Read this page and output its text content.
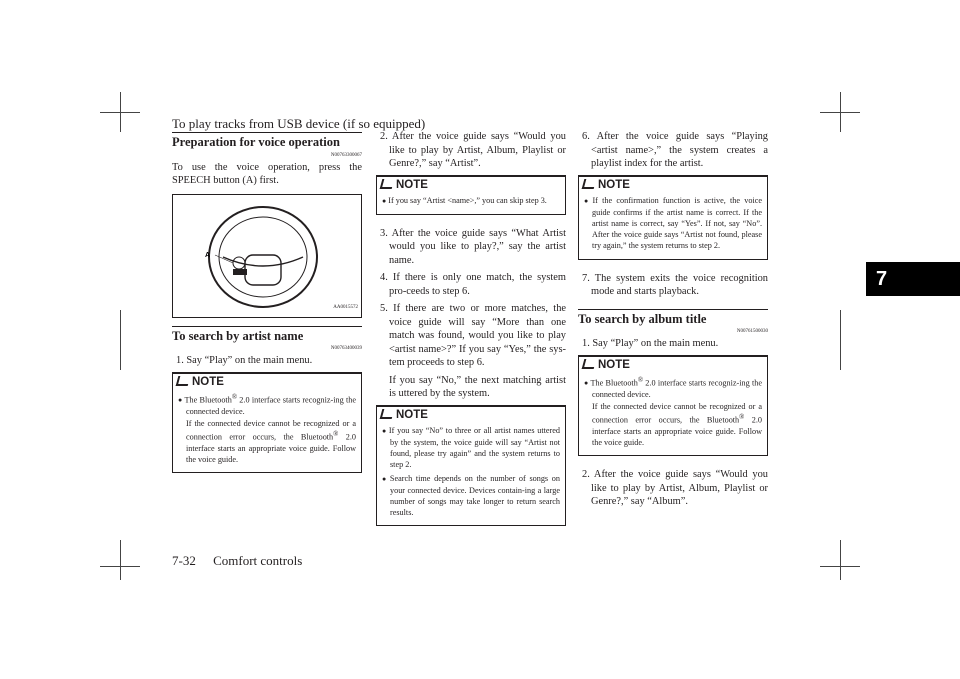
To play tracks from USB device (if so equipped)
7
7-32 Comfort controls
Preparation for voice operation
N00763300067
To use the voice operation, press the SPEECH button (A) first.
A
AA0015572
To search by artist name
N00763400039
1. Say “Play” on the main menu.
NOTE
● The Bluetooth® 2.0 interface starts recogniz-ing the connected device.
If the connected device cannot be recognized or a connection error occurs, the Bluetooth® 2.0 interface starts an appropriate voice guide. Follow the voice guide.
2. After the voice guide says “Would you like to play by Artist, Album, Playlist or Genre?,” say “Artist”.
NOTE
● If you say “Artist <name>,” you can skip step 3.
3. After the voice guide says “What Artist would you like to play?,” say the artist name.
4. If there is only one match, the system pro-ceeds to step 6.
5. If there are two or more matches, the voice guide will say “More than one match was found, would you like to play <artist name>?” If you say “Yes,” the sys-tem proceeds to step 6.
If you say “No,” the next matching artist is uttered by the system.
NOTE
● If you say “No” to three or all artist names uttered by the system, the voice guide will say “Artist not found, please try again” and the system returns to step 2.
● Search time depends on the number of songs on your connected device. Devices contain-ing a large number of songs may take longer to return search results.
6. After the voice guide says “Playing <artist name>,” the system creates a playlist index for the artist.
NOTE
● If the confirmation function is active, the voice guide confirms if the artist name is correct. If the artist name is correct, say “Yes”. If not, say “No”. After the voice guide says “Artist not found, please try again,” the system returns to step 2.
7. The system exits the voice recognition mode and starts playback.
To search by album title
N00761500030
1. Say “Play” on the main menu.
NOTE
● The Bluetooth® 2.0 interface starts recogniz-ing the connected device.
If the connected device cannot be recognized or a connection error occurs, the Bluetooth® 2.0 interface starts an appropriate voice guide. Follow the voice guide.
2. After the voice guide says “Would you like to play by Artist, Album, Playlist or Genre?,” say “Album”.
